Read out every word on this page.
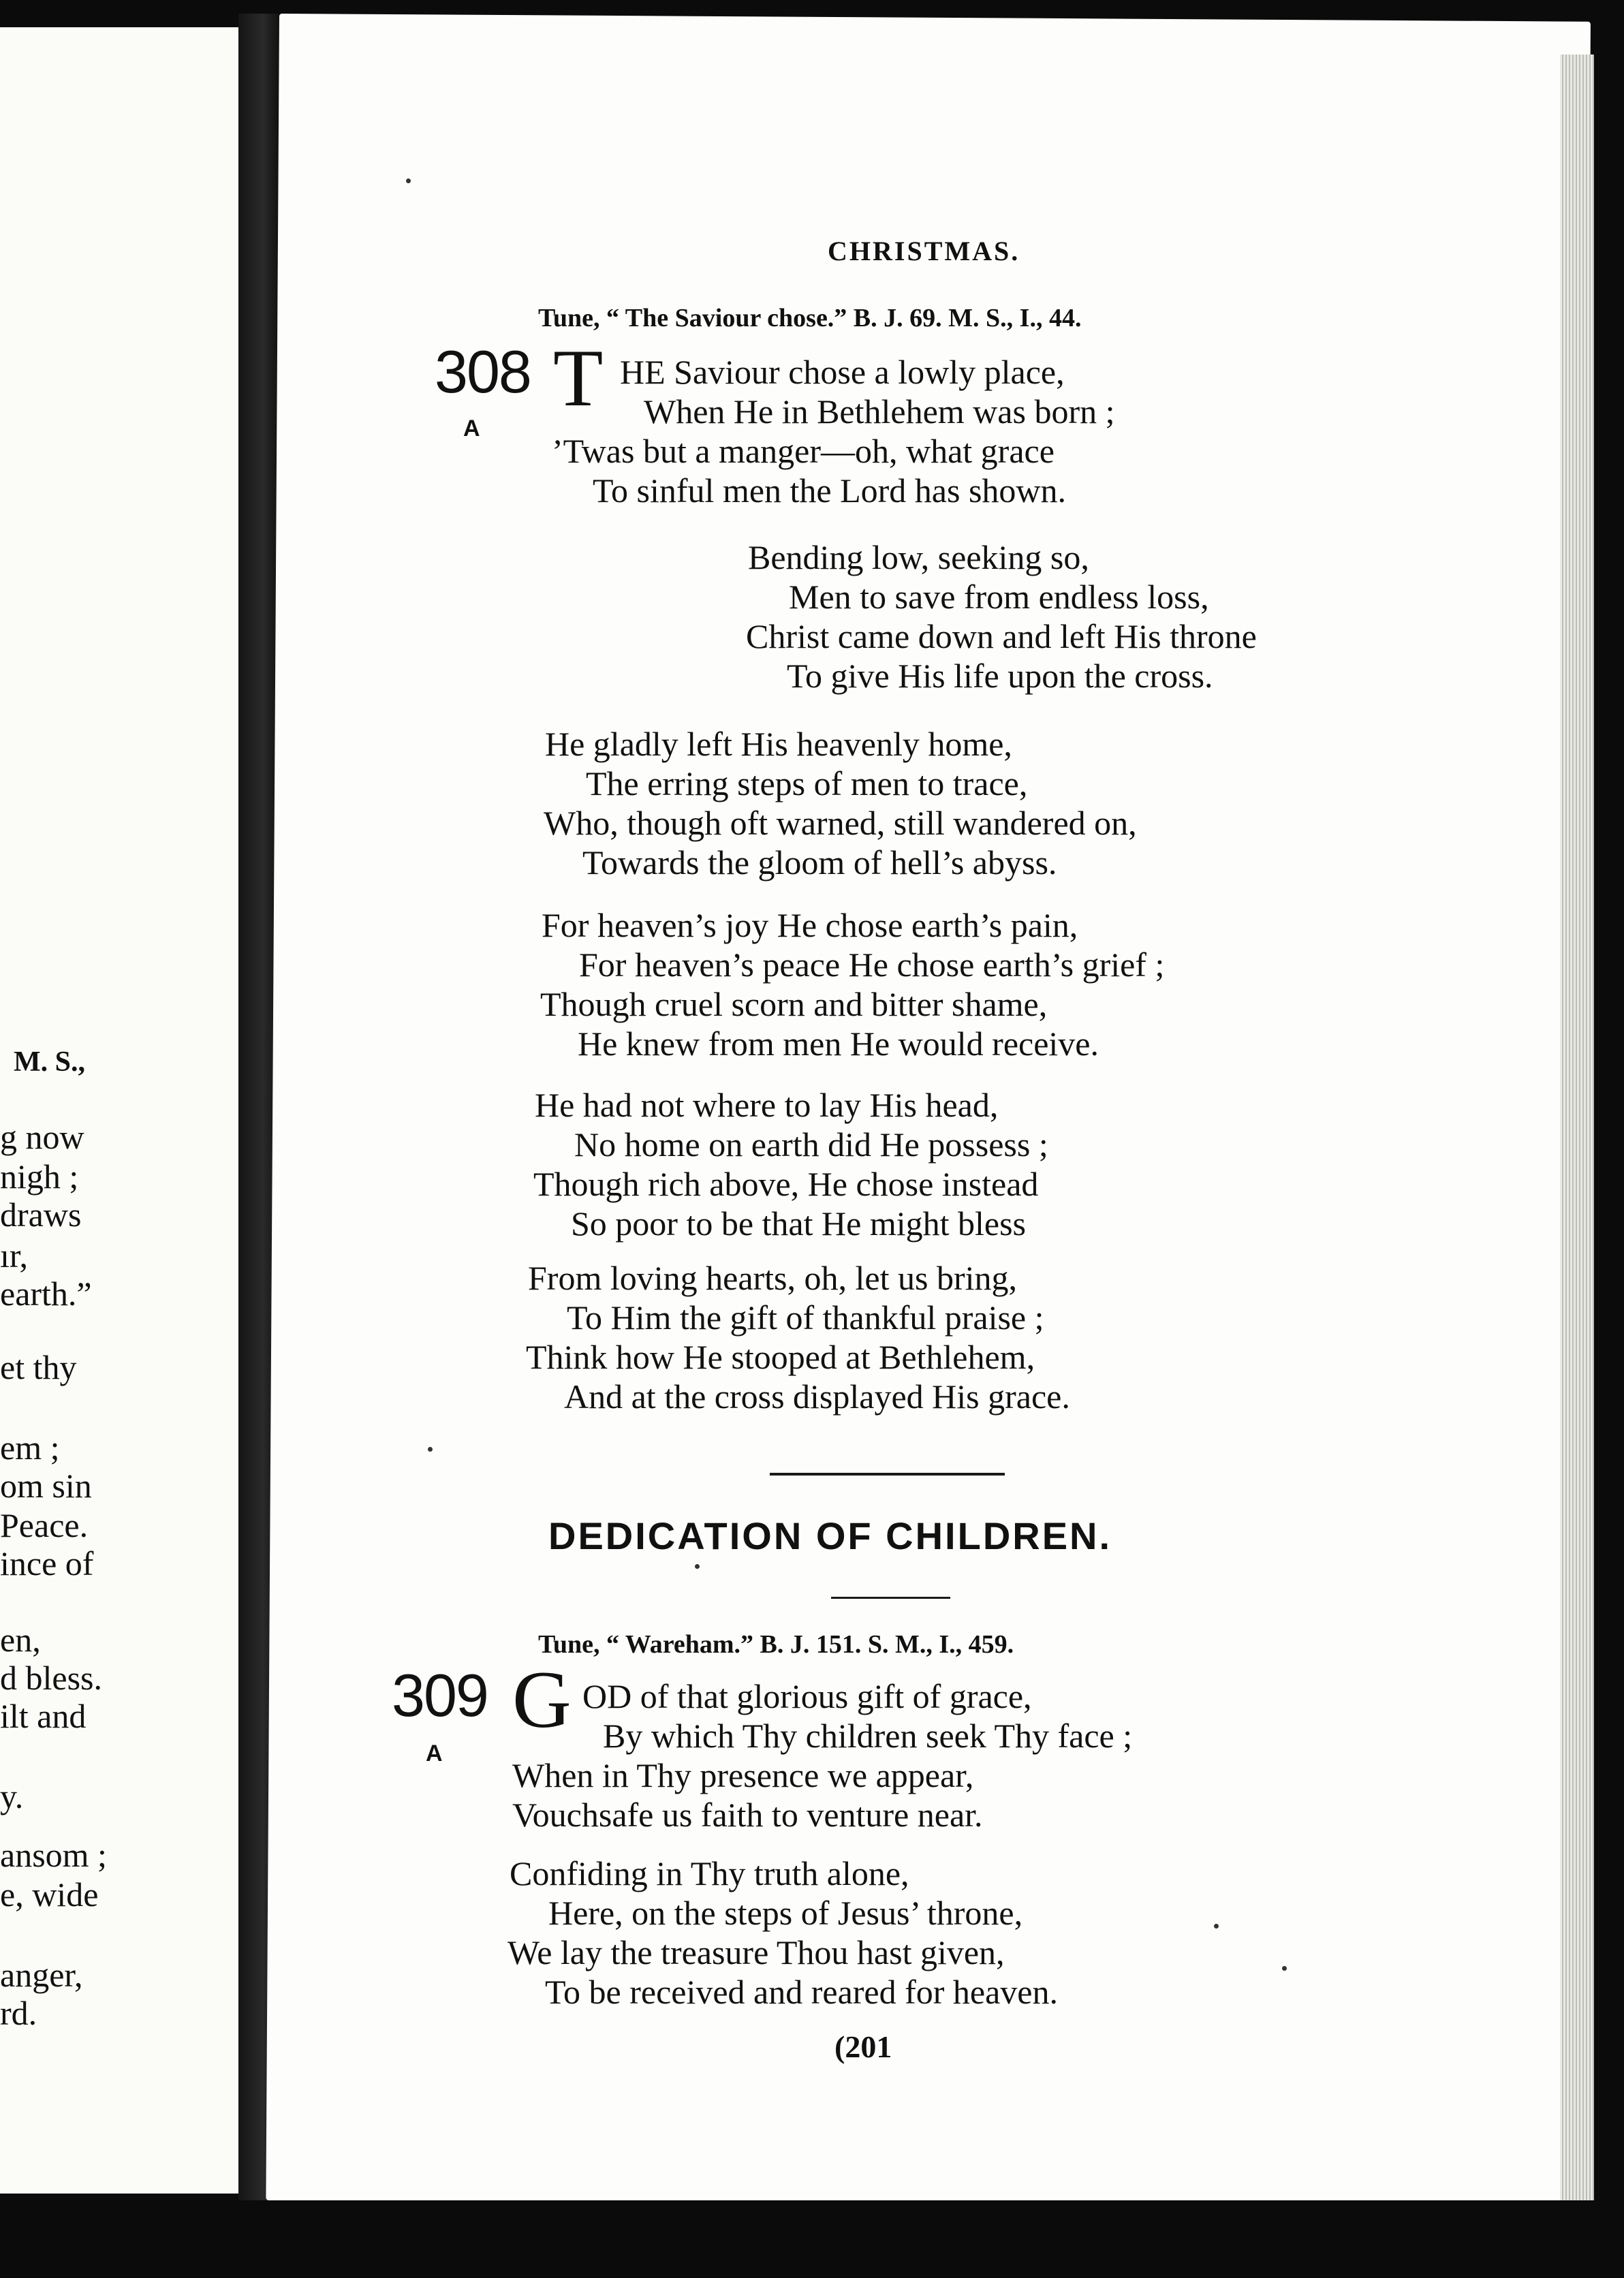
M. S.,
g now
nigh ;
draws
ır,
earth.”
et thy
em ;
om sin
Peace.
ince of
en,
d bless.
ilt and
y.
ansom ;
e, wide
anger,
rd.
CHRISTMAS.
Tune, “ The Saviour chose.” B. J. 69. M. S., I., 44.
308 T
A
HE Saviour chose a lowly place,
When He in Bethlehem was born ;
’Twas but a manger—oh, what grace
To sinful men the Lord has shown.
Bending low, seeking so,
Men to save from endless loss,
Christ came down and left His throne
To give His life upon the cross.
He gladly left His heavenly home,
The erring steps of men to trace,
Who, though oft warned, still wandered on,
Towards the gloom of hell’s abyss.
For heaven’s joy He chose earth’s pain,
For heaven’s peace He chose earth’s grief ;
Though cruel scorn and bitter shame,
He knew from men He would receive.
He had not where to lay His head,
No home on earth did He possess ;
Though rich above, He chose instead
So poor to be that He might bless
From loving hearts, oh, let us bring,
To Him the gift of thankful praise ;
Think how He stooped at Bethlehem,
And at the cross displayed His grace.
DEDICATION OF CHILDREN.
Tune, “ Wareham.” B. J. 151. S. M., I., 459.
309 G
A
OD of that glorious gift of grace,
By which Thy children seek Thy face ;
When in Thy presence we appear,
Vouchsafe us faith to venture near.
Confiding in Thy truth alone,
Here, on the steps of Jesus’ throne,
We lay the treasure Thou hast given,
To be received and reared for heaven.
(201
